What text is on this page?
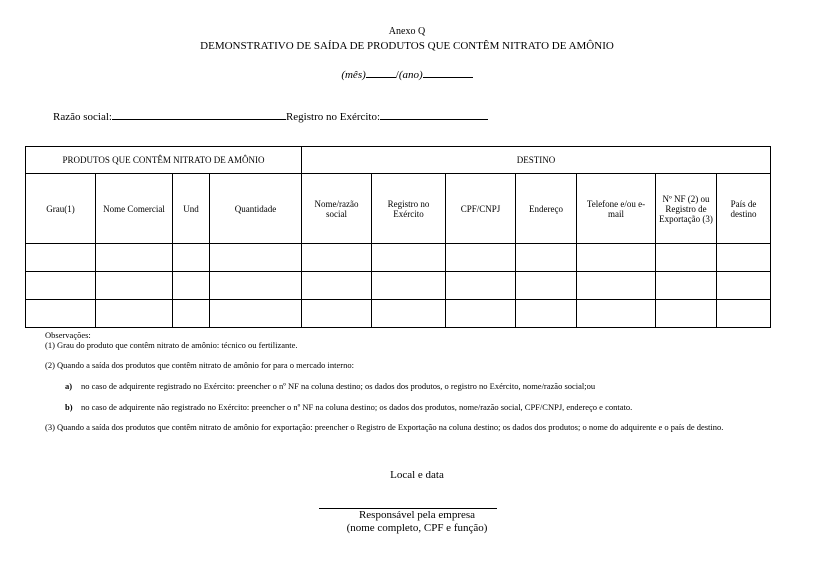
Anexo Q
DEMONSTRATIVO DE SAÍDA DE PRODUTOS QUE CONTÊM NITRATO DE AMÔNIO
(mês)	/(ano)
Razão social:	Registro no Exército:
PRODUTOS QUE CONTÊM NITRATO DE AMÔNIO				DESTINO						
Grau(1)	Nome Comercial	Und	Quantidade	Nome/razão social	Registro no Exército	CPF/CNPJ	Endereço	Telefone e/ou e-mail	Nº NF (2) ou Registro de Exportação (3)	País de destino

Observações:

(1) Grau do produto que contêm nitrato de amônio: técnico ou fertilizante.

(2) Quando a saída dos produtos que contêm nitrato de amônio for para o mercado interno:

a) no caso de adquirente registrado no Exército: preencher o nº NF na coluna destino; os dados dos produtos, o registro no Exército, nome/razão social;ou

b) no caso de adquirente não registrado no Exército: preencher o nº NF na coluna destino; os dados dos produtos, nome/razão social, CPF/CNPJ, endereço e contato.

(3) Quando a saída dos produtos que contêm nitrato de amônio for exportação: preencher o Registro de Exportação na coluna destino; os dados dos produtos; o nome do adquirente e o país de destino.

Local e data
Responsável pela empresa
(nome completo, CPF e função)
